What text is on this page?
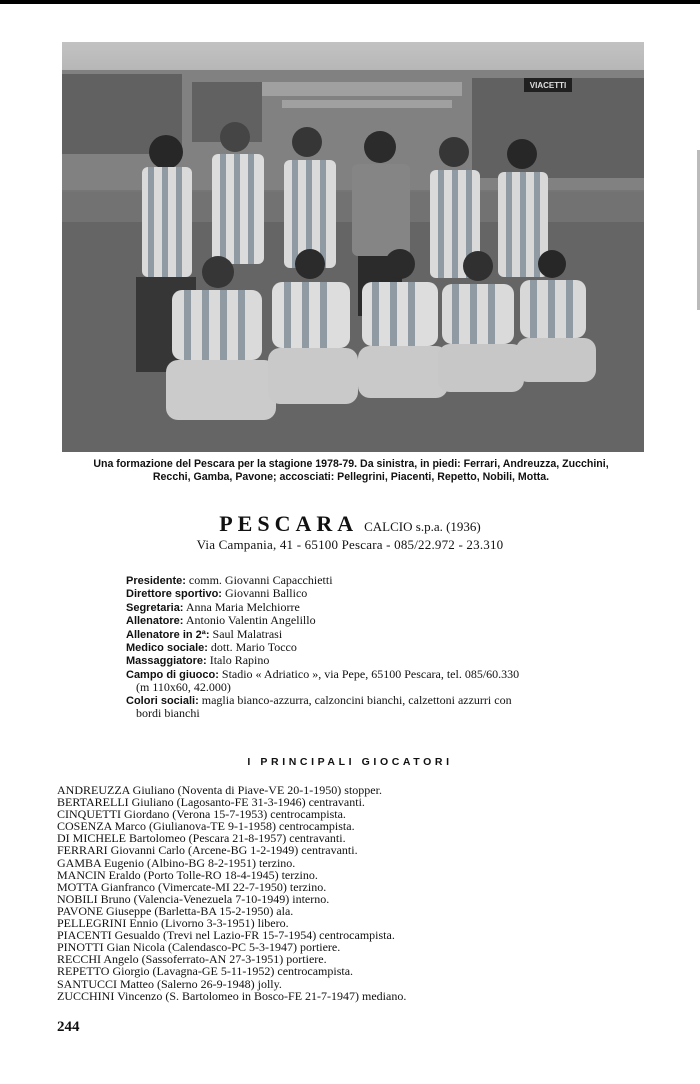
VIACETTI
Una formazione del Pescara per la stagione 1978-79. Da sinistra, in piedi: Ferrari, Andreuzza, Zucchini,
Recchi, Gamba, Pavone; accosciati: Pellegrini, Piacenti, Repetto, Nobili, Motta.
PESCARA CALCIO s.p.a. (1936)
Via Campania, 41 - 65100 Pescara - 085/22.972 - 23.310
Presidente: comm. Giovanni Capacchietti
Direttore sportivo: Giovanni Ballico
Segretaria: Anna Maria Melchiorre
Allenatore: Antonio Valentin Angelillo
Allenatore in 2ª: Saul Malatrasi
Medico sociale: dott. Mario Tocco
Massaggiatore: Italo Rapino
Campo di giuoco: Stadio « Adriatico », via Pepe, 65100 Pescara, tel. 085/60.330
(m 110x60, 42.000)
Colori sociali: maglia bianco-azzurra, calzoncini bianchi, calzettoni azzurri con
bordi bianchi
I PRINCIPALI GIOCATORI
ANDREUZZA Giuliano (Noventa di Piave-VE 20-1-1950) stopper.
BERTARELLI Giuliano (Lagosanto-FE 31-3-1946) centravanti.
CINQUETTI Giordano (Verona 15-7-1953) centrocampista.
COSENZA Marco (Giulianova-TE 9-1-1958) centrocampista.
DI MICHELE Bartolomeo (Pescara 21-8-1957) centravanti.
FERRARI Giovanni Carlo (Arcene-BG 1-2-1949) centravanti.
GAMBA Eugenio (Albino-BG 8-2-1951) terzino.
MANCIN Eraldo (Porto Tolle-RO 18-4-1945) terzino.
MOTTA Gianfranco (Vimercate-MI 22-7-1950) terzino.
NOBILI Bruno (Valencia-Venezuela 7-10-1949) interno.
PAVONE Giuseppe (Barletta-BA 15-2-1950) ala.
PELLEGRINI Ennio (Livorno 3-3-1951) libero.
PIACENTI Gesualdo (Trevi nel Lazio-FR 15-7-1954) centrocampista.
PINOTTI Gian Nicola (Calendasco-PC 5-3-1947) portiere.
RECCHI Angelo (Sassoferrato-AN 27-3-1951) portiere.
REPETTO Giorgio (Lavagna-GE 5-11-1952) centrocampista.
SANTUCCI Matteo (Salerno 26-9-1948) jolly.
ZUCCHINI Vincenzo (S. Bartolomeo in Bosco-FE 21-7-1947) mediano.
244
